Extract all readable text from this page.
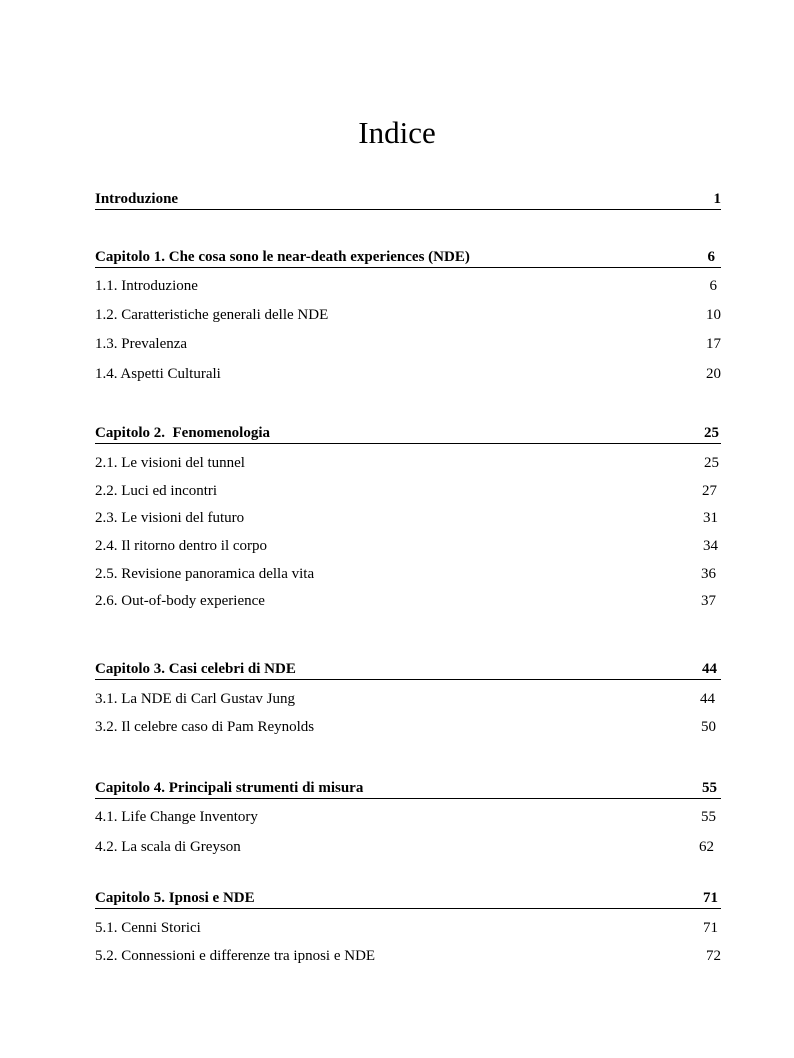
Indice
Introduzione	1
Capitolo 1. Che cosa sono le near-death experiences (NDE)	6
1.1. Introduzione	6
1.2. Caratteristiche generali delle NDE	10
1.3. Prevalenza	17
1.4. Aspetti Culturali	20
Capitolo 2.  Fenomenologia	25
2.1. Le visioni del tunnel	25
2.2. Luci ed incontri	27
2.3. Le visioni del futuro	31
2.4. Il ritorno dentro il corpo	34
2.5. Revisione panoramica della vita	36
2.6. Out-of-body experience	37
Capitolo 3. Casi celebri di NDE	44
3.1. La NDE di Carl Gustav Jung	44
3.2. Il celebre caso di Pam Reynolds	50
Capitolo 4. Principali strumenti di misura	55
4.1. Life Change Inventory	55
4.2. La scala di Greyson	62
Capitolo 5. Ipnosi e NDE	71
5.1. Cenni Storici	71
5.2. Connessioni e differenze tra ipnosi e NDE	72
